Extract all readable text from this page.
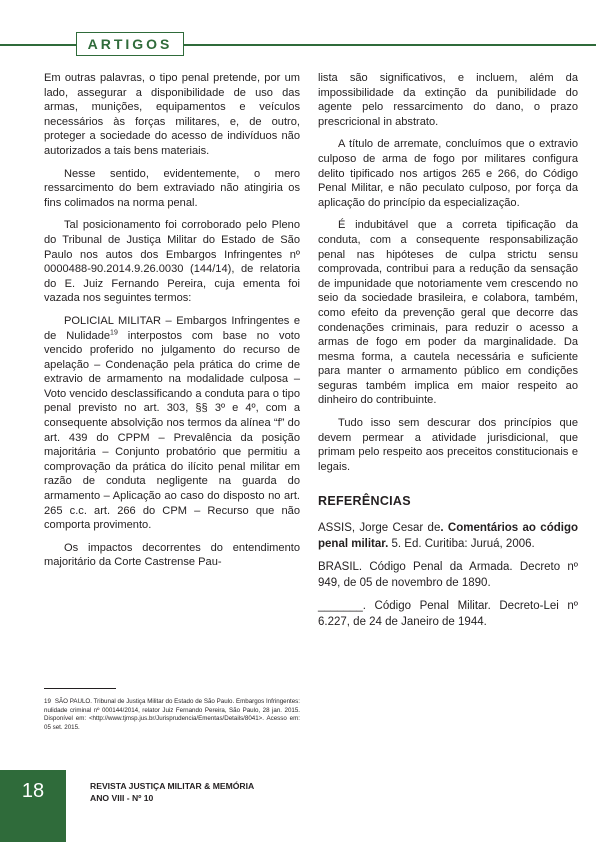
ARTIGOS

Em outras palavras, o tipo penal pretende, por um lado, assegurar a disponibilidade de uso das armas, munições, equipamentos e veículos necessários às forças militares, e, de outro, proteger a sociedade do acesso de indivíduos não autorizados a tais bens materiais.

Nesse sentido, evidentemente, o mero ressarcimento do bem extraviado não atingiria os fins colimados na norma penal.

Tal posicionamento foi corroborado pelo Pleno do Tribunal de Justiça Militar do Estado de São Paulo nos autos dos Embargos Infringentes nº 0000488-90.2014.9.26.0030 (144/14), de relatoria do E. Juiz Fernando Pereira, cuja ementa foi vazada nos seguintes termos:

POLICIAL MILITAR – Embargos Infringentes e de Nulidade$^{19}$ interpostos com base no voto vencido proferido no julgamento do recurso de apelação – Condenação pela prática do crime de extravio de armamento na modalidade culposa – Voto vencido desclassificando a conduta para o tipo penal previsto no art. 303, §§ 3º e 4º, com a consequente absolvição nos termos da alínea “f” do art. 439 do CPPM – Prevalência da posição majoritária – Conjunto probatório que permitiu a comprovação da prática do ilícito penal militar em razão de conduta negligente na guarda do armamento – Aplicação ao caso do disposto no art. 265 c.c. art. 266 do CPM – Recurso que não comporta provimento.

Os impactos decorrentes do entendimento majoritário da Corte Castrense Pau-

lista são significativos, e incluem, além da impossibilidade da extinção da punibilidade do agente pelo ressarcimento do dano, o prazo prescricional in abstrato.

A título de arremate, concluímos que o extravio culposo de arma de fogo por militares configura delito tipificado nos artigos 265 e 266, do Código Penal Militar, e não peculato culposo, por força da aplicação do princípio da especialização.

É indubitável que a correta tipificação da conduta, com a consequente responsabilização penal nas hipóteses de culpa strictu sensu comprovada, contribui para a redução da sensação de impunidade que notoriamente vem crescendo no seio da sociedade brasileira, e colabora, também, como efeito da prevenção geral que decorre das condenações criminais, para reduzir o acesso a armas de fogo em poder da marginalidade. Da mesma forma, a cautela necessária e suficiente para manter o armamento público em condições seguras também implica em maior respeito ao dinheiro do contribuinte.

Tudo isso sem descurar dos princípios que devem permear a atividade jurisdicional, que primam pelo respeito aos preceitos constitucionais e legais.

REFERÊNCIAS

ASSIS, Jorge Cesar de. Comentários ao código penal militar. 5. Ed. Curitiba: Juruá, 2006.

BRASIL. Código Penal da Armada. Decreto nº 949, de 05 de novembro de 1890.

_______. Código Penal Militar. Decreto-Lei nº 6.227, de 24 de Janeiro de 1944.

19 SÃO PAULO. Tribunal de Justiça Militar do Estado de São Paulo. Embargos Infringentes: nulidade criminal nº 000144/2014, relator Juiz Fernando Pereira, São Paulo, 28 jan. 2015. Disponível em: <http://www.tjmsp.jus.br/Jurisprudencia/Ementas/Details/8041>. Acesso em: 05 set. 2015.
18	REVISTA JUSTIÇA MILITAR & MEMÓRIA
ANO VIII - Nº 10
